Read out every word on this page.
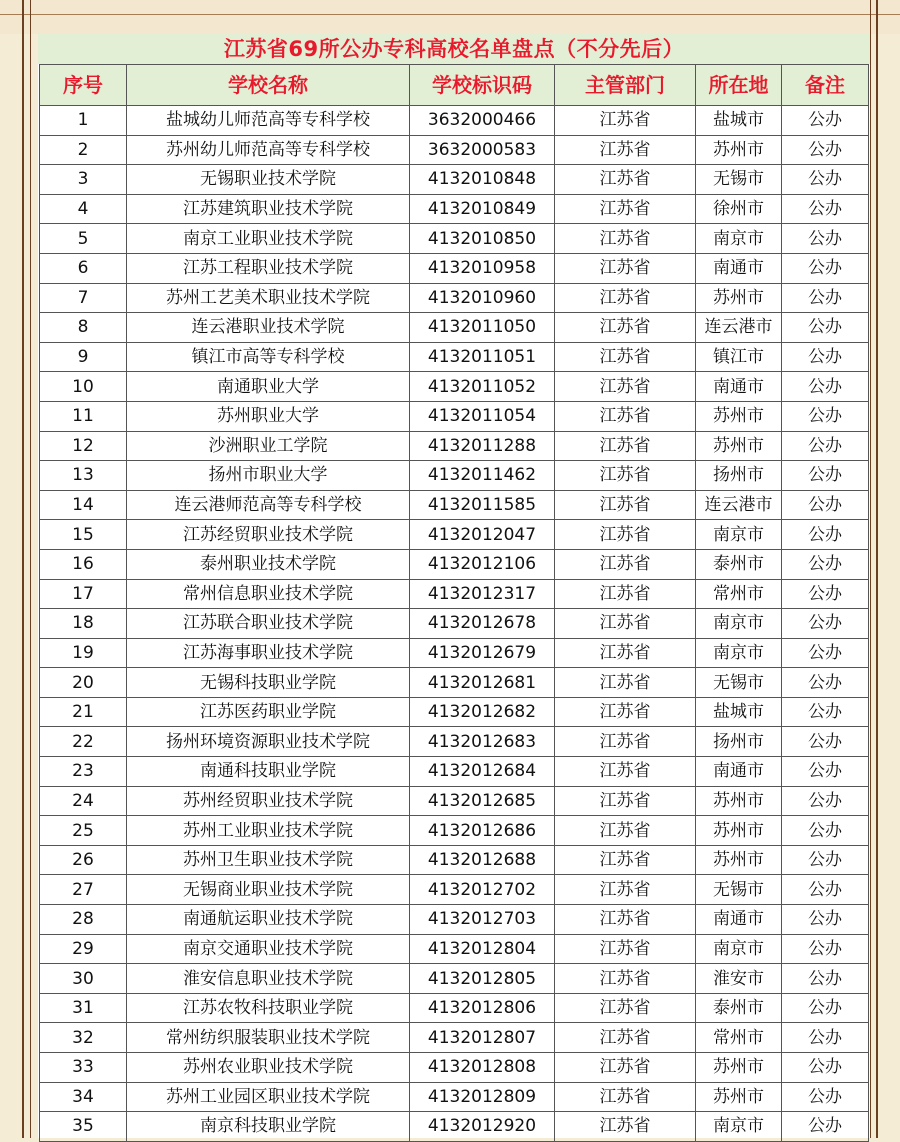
江苏省69所公办专科高校名单盘点（不分先后）
序号	学校名称	学校标识码	主管部门	所在地	备注
1	盐城幼儿师范高等专科学校	3632000466	江苏省	盐城市	公办
2	苏州幼儿师范高等专科学校	3632000583	江苏省	苏州市	公办
3	无锡职业技术学院	4132010848	江苏省	无锡市	公办
4	江苏建筑职业技术学院	4132010849	江苏省	徐州市	公办
5	南京工业职业技术学院	4132010850	江苏省	南京市	公办
6	江苏工程职业技术学院	4132010958	江苏省	南通市	公办
7	苏州工艺美术职业技术学院	4132010960	江苏省	苏州市	公办
8	连云港职业技术学院	4132011050	江苏省	连云港市	公办
9	镇江市高等专科学校	4132011051	江苏省	镇江市	公办
10	南通职业大学	4132011052	江苏省	南通市	公办
11	苏州职业大学	4132011054	江苏省	苏州市	公办
12	沙洲职业工学院	4132011288	江苏省	苏州市	公办
13	扬州市职业大学	4132011462	江苏省	扬州市	公办
14	连云港师范高等专科学校	4132011585	江苏省	连云港市	公办
15	江苏经贸职业技术学院	4132012047	江苏省	南京市	公办
16	泰州职业技术学院	4132012106	江苏省	泰州市	公办
17	常州信息职业技术学院	4132012317	江苏省	常州市	公办
18	江苏联合职业技术学院	4132012678	江苏省	南京市	公办
19	江苏海事职业技术学院	4132012679	江苏省	南京市	公办
20	无锡科技职业学院	4132012681	江苏省	无锡市	公办
21	江苏医药职业学院	4132012682	江苏省	盐城市	公办
22	扬州环境资源职业技术学院	4132012683	江苏省	扬州市	公办
23	南通科技职业学院	4132012684	江苏省	南通市	公办
24	苏州经贸职业技术学院	4132012685	江苏省	苏州市	公办
25	苏州工业职业技术学院	4132012686	江苏省	苏州市	公办
26	苏州卫生职业技术学院	4132012688	江苏省	苏州市	公办
27	无锡商业职业技术学院	4132012702	江苏省	无锡市	公办
28	南通航运职业技术学院	4132012703	江苏省	南通市	公办
29	南京交通职业技术学院	4132012804	江苏省	南京市	公办
30	淮安信息职业技术学院	4132012805	江苏省	淮安市	公办
31	江苏农牧科技职业学院	4132012806	江苏省	泰州市	公办
32	常州纺织服装职业技术学院	4132012807	江苏省	常州市	公办
33	苏州农业职业技术学院	4132012808	江苏省	苏州市	公办
34	苏州工业园区职业技术学院	4132012809	江苏省	苏州市	公办
35	南京科技职业学院	4132012920	江苏省	南京市	公办
